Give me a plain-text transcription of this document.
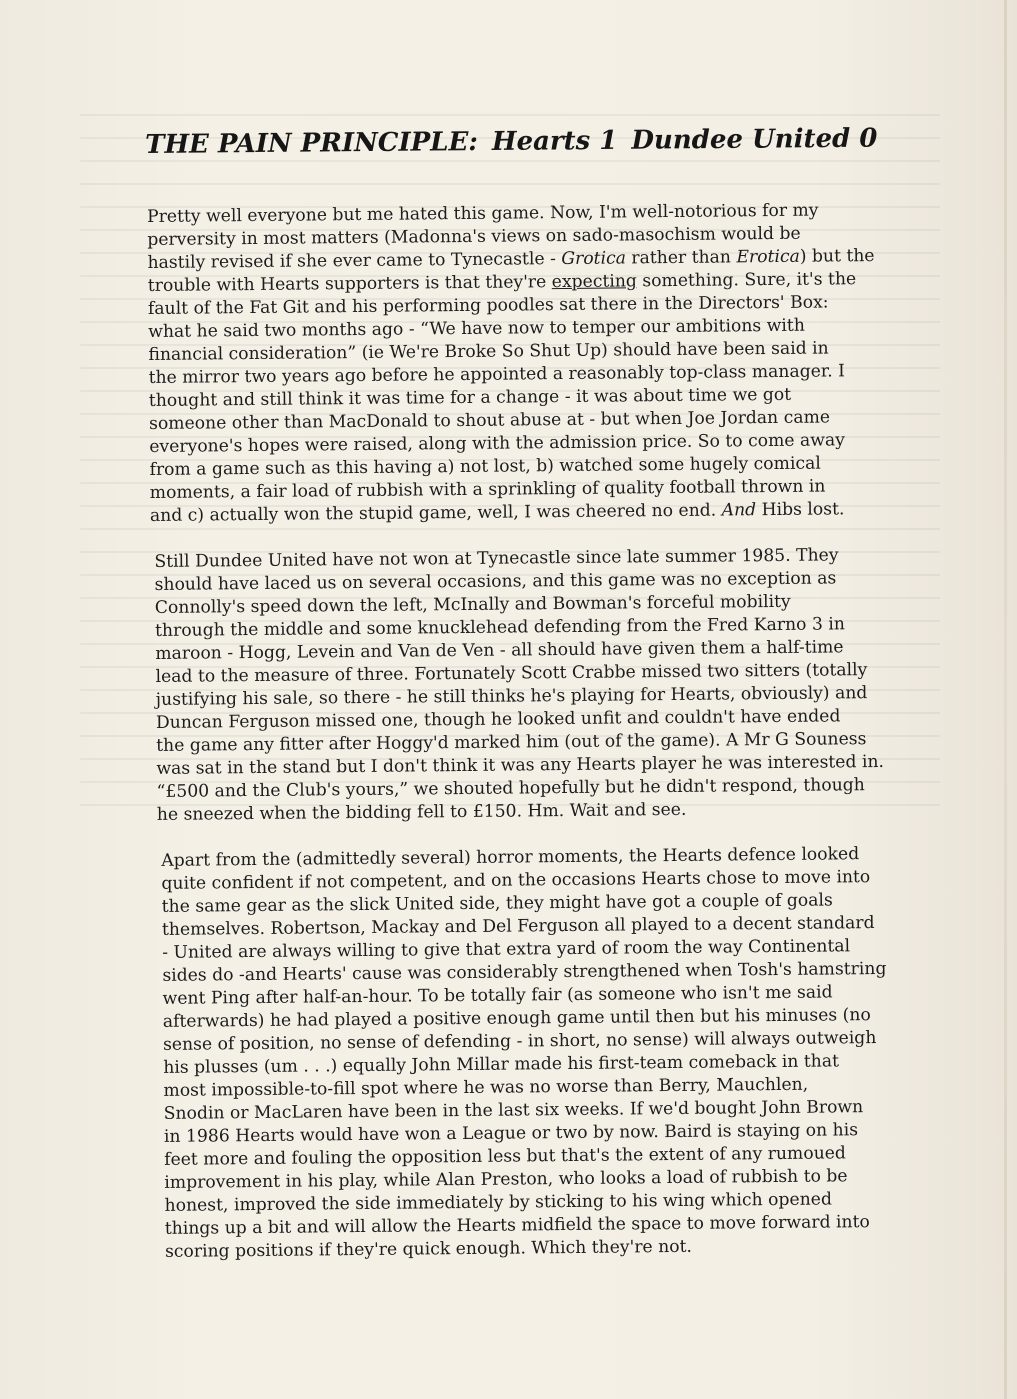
THE PAIN PRINCIPLE: Hearts 1 Dundee United 0

Pretty well everyone but me hated this game. Now, I'm well-notorious for my
perversity in most matters (Madonna's views on sado-masochism would be
hastily revised if she ever came to Tynecastle - Grotica rather than Erotica) but the
trouble with Hearts supporters is that they're expecting something. Sure, it's the
fault of the Fat Git and his performing poodles sat there in the Directors' Box:
what he said two months ago - “We have now to temper our ambitions with
financial consideration” (ie We're Broke So Shut Up) should have been said in
the mirror two years ago before he appointed a reasonably top-class manager. I
thought and still think it was time for a change - it was about time we got
someone other than MacDonald to shout abuse at - but when Joe Jordan came
everyone's hopes were raised, along with the admission price. So to come away
from a game such as this having a) not lost, b) watched some hugely comical
moments, a fair load of rubbish with a sprinkling of quality football thrown in
and c) actually won the stupid game, well, I was cheered no end. And Hibs lost.

Still Dundee United have not won at Tynecastle since late summer 1985. They
should have laced us on several occasions, and this game was no exception as
Connolly's speed down the left, McInally and Bowman's forceful mobility
through the middle and some knucklehead defending from the Fred Karno 3 in
maroon - Hogg, Levein and Van de Ven - all should have given them a half-time
lead to the measure of three. Fortunately Scott Crabbe missed two sitters (totally
justifying his sale, so there - he still thinks he's playing for Hearts, obviously) and
Duncan Ferguson missed one, though he looked unfit and couldn't have ended
the game any fitter after Hoggy'd marked him (out of the game). A Mr G Souness
was sat in the stand but I don't think it was any Hearts player he was interested in.
“£500 and the Club's yours,” we shouted hopefully but he didn't respond, though
he sneezed when the bidding fell to £150. Hm. Wait and see.

Apart from the (admittedly several) horror moments, the Hearts defence looked
quite confident if not competent, and on the occasions Hearts chose to move into
the same gear as the slick United side, they might have got a couple of goals
themselves. Robertson, Mackay and Del Ferguson all played to a decent standard
- United are always willing to give that extra yard of room the way Continental
sides do -and Hearts' cause was considerably strengthened when Tosh's hamstring
went Ping after half-an-hour. To be totally fair (as someone who isn't me said
afterwards) he had played a positive enough game until then but his minuses (no
sense of position, no sense of defending - in short, no sense) will always outweigh
his plusses (um . . .) equally John Millar made his first-team comeback in that
most impossible-to-fill spot where he was no worse than Berry, Mauchlen,
Snodin or MacLaren have been in the last six weeks. If we'd bought John Brown
in 1986 Hearts would have won a League or two by now. Baird is staying on his
feet more and fouling the opposition less but that's the extent of any rumoued
improvement in his play, while Alan Preston, who looks a load of rubbish to be
honest, improved the side immediately by sticking to his wing which opened
things up a bit and will allow the Hearts midfield the space to move forward into
scoring positions if they're quick enough. Which they're not.
